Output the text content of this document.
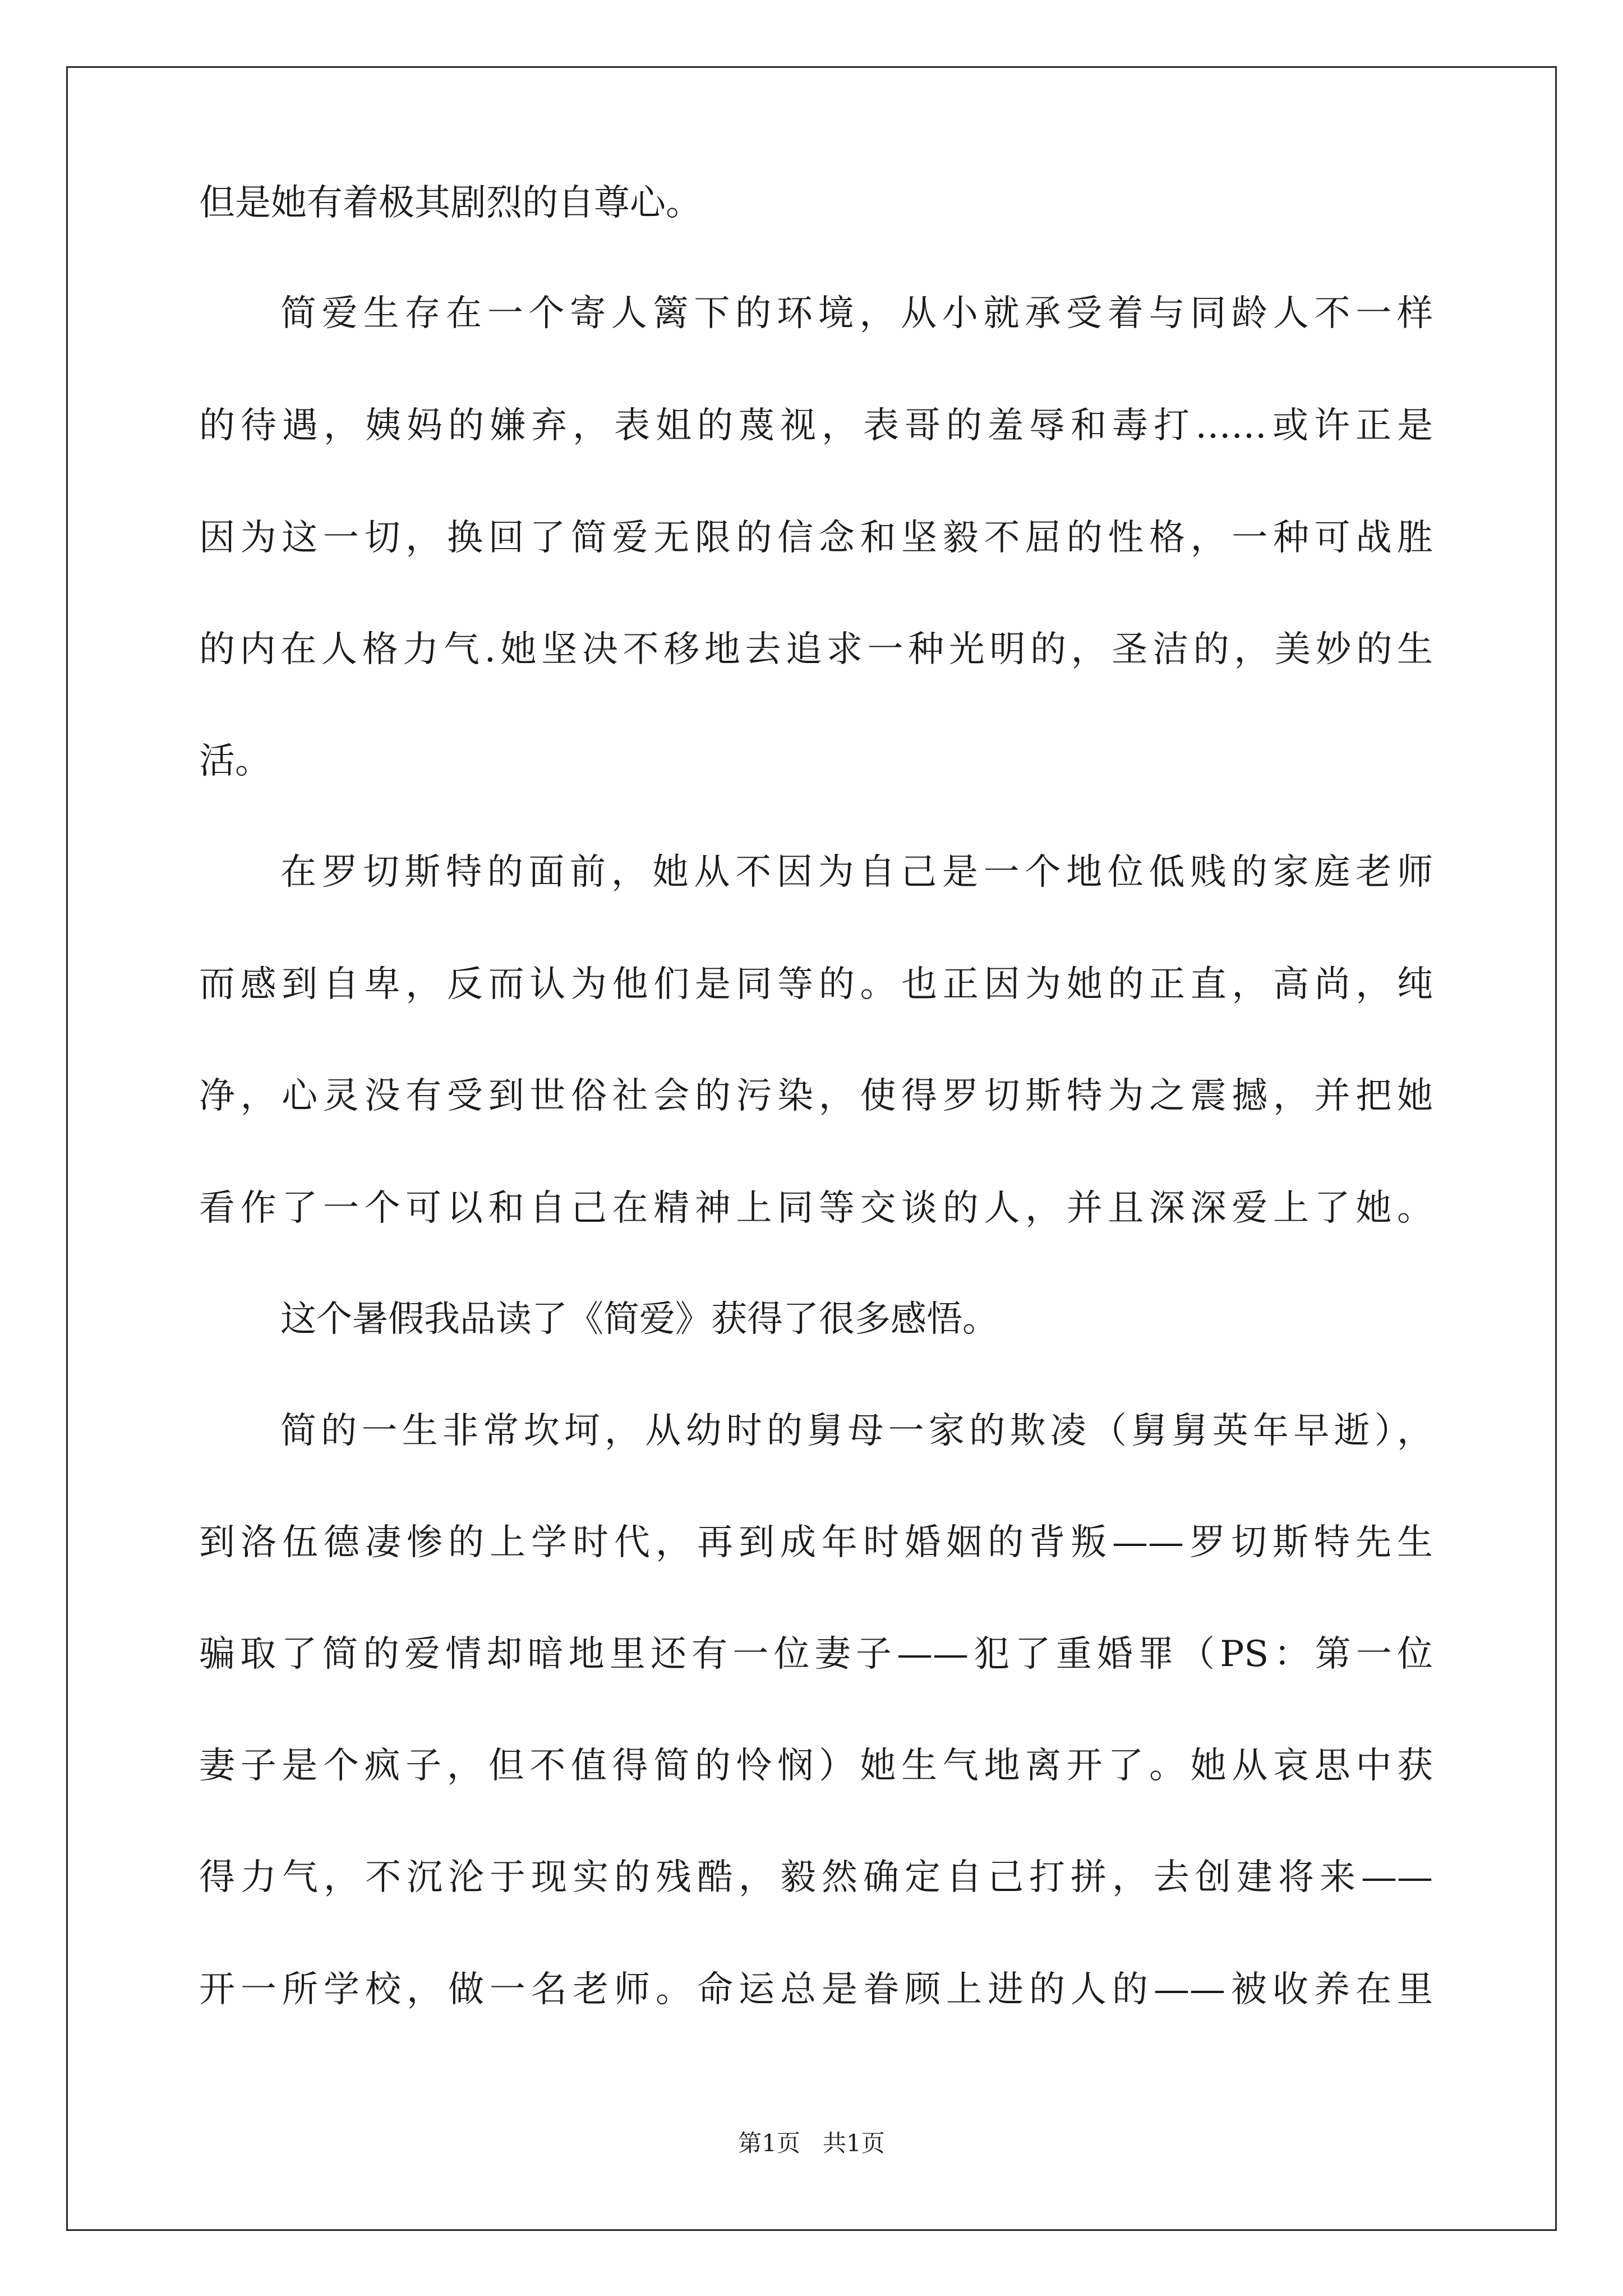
但是她有着极其剧烈的自尊心。
简爱生存在一个寄人篱下的环境，从小就承受着与同龄人不一样
的待遇，姨妈的嫌弃，表姐的蔑视，表哥的羞辱和毒打……或许正是
因为这一切，换回了简爱无限的信念和坚毅不屈的性格，一种可战胜
的内在人格力气.她坚决不移地去追求一种光明的，圣洁的，美妙的生
活。
在罗切斯特的面前，她从不因为自己是一个地位低贱的家庭老师
而感到自卑，反而认为他们是同等的。也正因为她的正直，高尚，纯
净，心灵没有受到世俗社会的污染，使得罗切斯特为之震撼，并把她
看作了一个可以和自己在精神上同等交谈的人，并且深深爱上了她。
这个暑假我品读了《简爱》获得了很多感悟。
简的一生非常坎坷，从幼时的舅母一家的欺凌（舅舅英年早逝），
到洛伍德凄惨的上学时代，再到成年时婚姻的背叛——罗切斯特先生
骗取了简的爱情却暗地里还有一位妻子——犯了重婚罪（PS：第一位
妻子是个疯子，但不值得简的怜悯）她生气地离开了。她从哀思中获
得力气，不沉沦于现实的残酷，毅然确定自己打拼，去创建将来——
开一所学校，做一名老师。命运总是眷顾上进的人的——被收养在里
第1页   共1页
